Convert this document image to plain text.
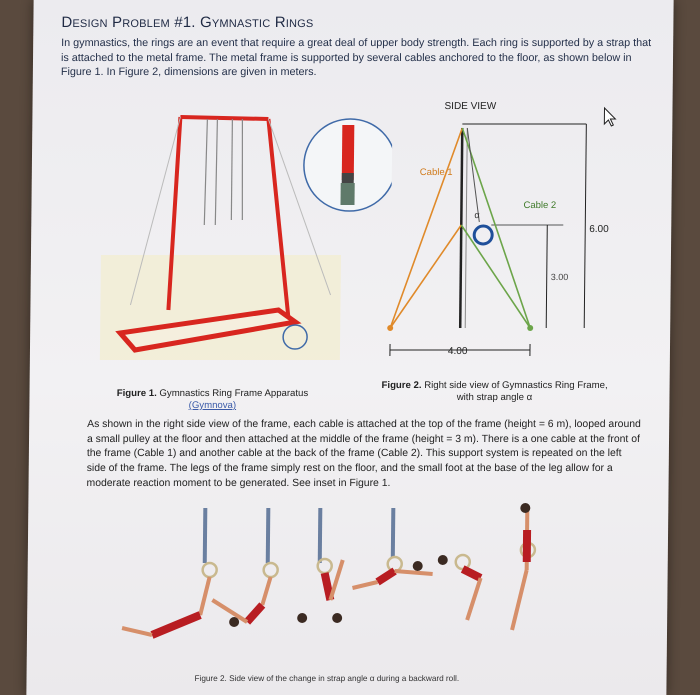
Design Problem #1. Gymnastic Rings
In gymnastics, the rings are an event that require a great deal of upper body strength. Each ring is supported by a strap that is attached to the metal frame. The metal frame is supported by several cables anchored to the floor, as shown below in Figure 1. In Figure 2, dimensions are given in meters.
SIDE VIEW
Cable 1
Cable 2
α
6.00
3.00
4.00
Figure 1. Gymnastics Ring Frame Apparatus
(Gymnova)
Figure 2. Right side view of Gymnastics Ring Frame,
with strap angle α
As shown in the right side view of the frame, each cable is attached at the top of the frame (height = 6 m), looped around a small pulley at the floor and then attached at the middle of the frame (height = 3 m). There is a one cable at the front of the frame (Cable 1) and another cable at the back of the frame (Cable 2). This support system is repeated on the left side of the frame. The legs of the frame simply rest on the floor, and the small foot at the base of the leg allow for a moderate reaction moment to be generated. See inset in Figure 1.
Figure 2. Side view of the change in strap angle α during a backward roll.
